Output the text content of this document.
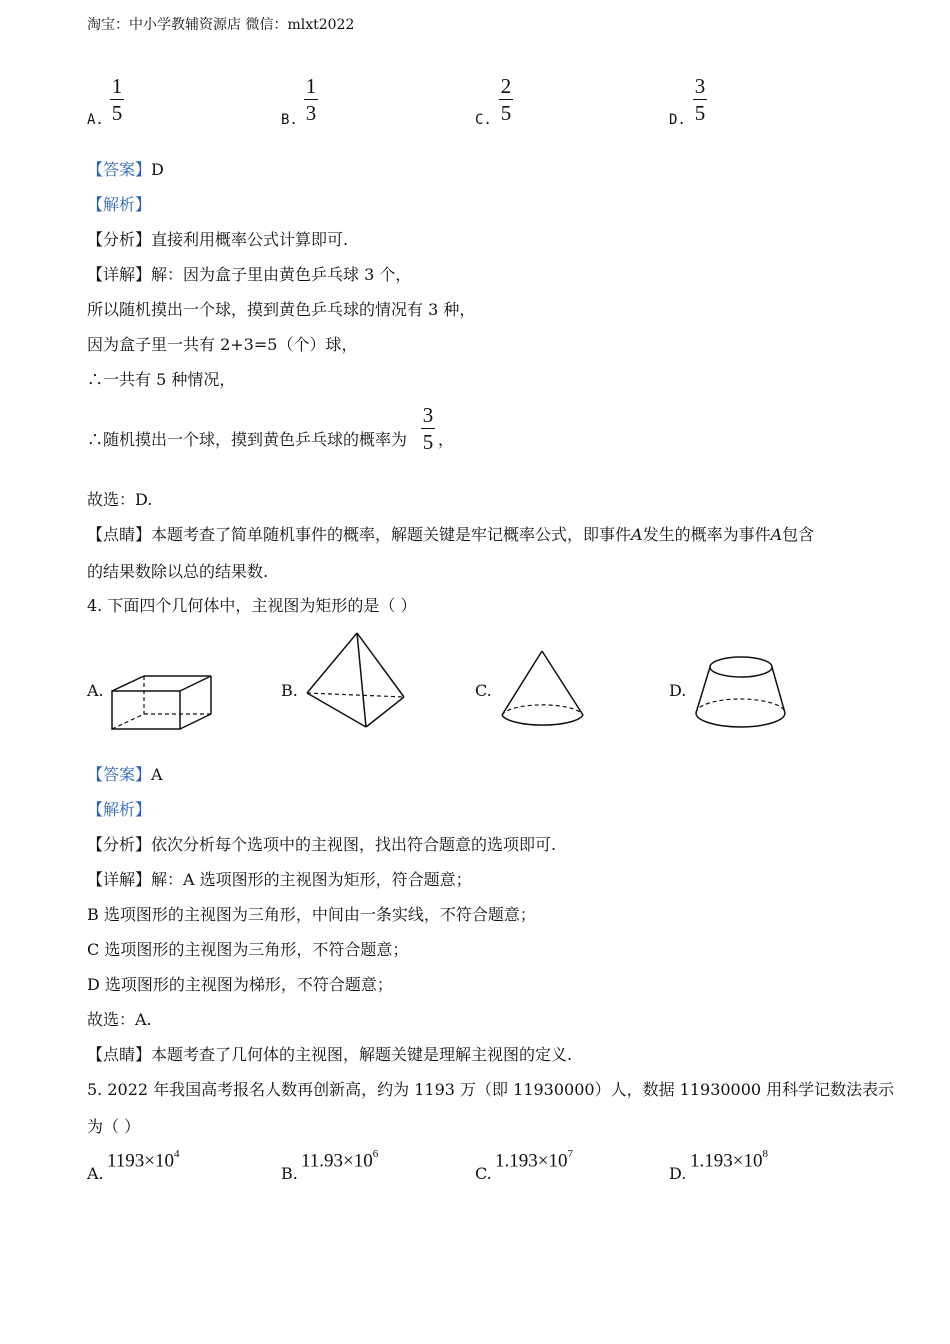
淘宝：中小学教辅资源店 微信：mlxt2022
A.
1
5	B.
1
3	C.
2
5	D.
3
5
【答案】D
【解析】
【分析】直接利用概率公式计算即可.
【详解】解：因为盒子里由黄色乒乓球 3 个，
所以随机摸出一个球，摸到黄色乒乓球的情况有 3 种，
因为盒子里一共有 2+3=5（个）球，
∴一共有 5 种情况，
∴随机摸出一个球，摸到黄色乒乓球的概率为
3
5 ，
故选：D.
【点睛】本题考查了简单随机事件的概率，解题关键是牢记概率公式，即事件A发生的概率为事件A包含
的结果数除以总的结果数.
4. 下面四个几何体中，主视图为矩形的是（ ）
A.	B.	C.	D.
【答案】A
【解析】
【分析】依次分析每个选项中的主视图，找出符合题意的选项即可.
【详解】解：A 选项图形的主视图为矩形，符合题意；
B 选项图形的主视图为三角形，中间由一条实线，不符合题意；
C 选项图形的主视图为三角形，不符合题意；
D 选项图形的主视图为梯形，不符合题意；
故选：A.
【点睛】本题考查了几何体的主视图，解题关键是理解主视图的定义.
5. 2022 年我国高考报名人数再创新高，约为 1193 万（即 11930000）人，数据 11930000 用科学记数法表示
为（ ）
A.
$1193\times 10^4$
B.
$11.93\times 10^6$
C.
$1.193\times 10^7$
D.
$1.193\times 10^8$
